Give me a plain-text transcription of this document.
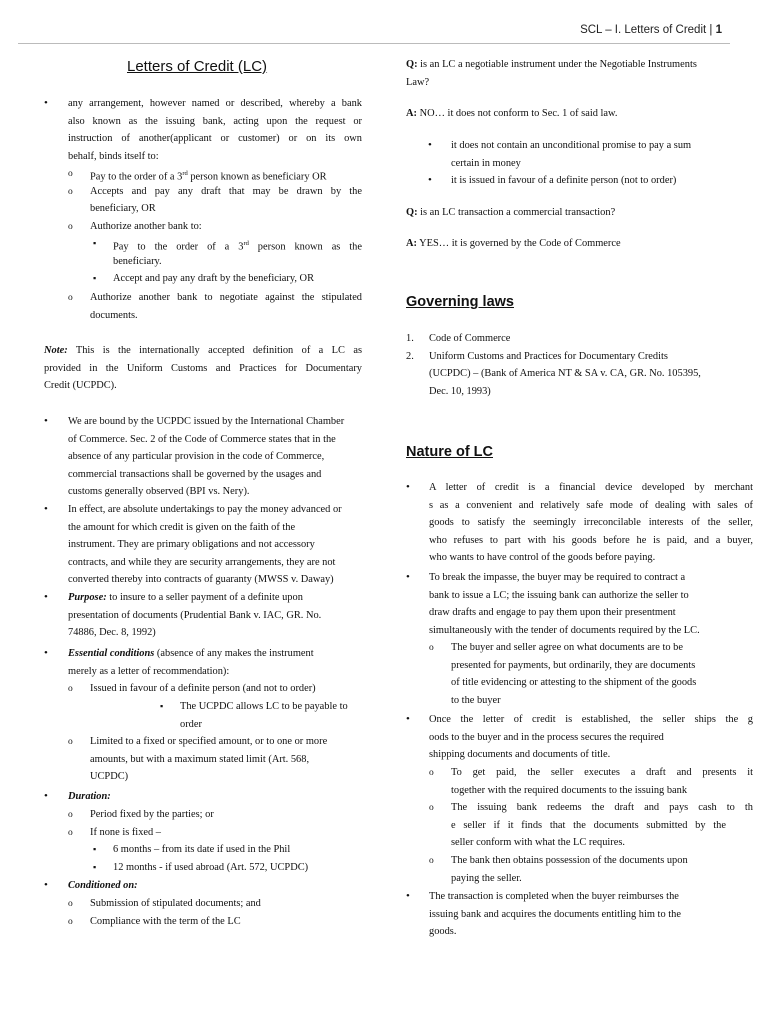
SCL – I. Letters of Credit | 1
Letters of Credit (LC)
•
any arrangement, however named or described, whereby a bank
also known as the issuing bank, acting upon the request or
instruction of another(applicant or customer) or on its own
behalf, binds itself to:
o
Pay to the order of a 3rd person known as beneficiary OR
o
Accepts and pay any draft that may be drawn by the
beneficiary, OR
o
Authorize another bank to:
▪
Pay to the order of a 3rd person known as the
beneficiary.
▪
Accept and pay any draft by the beneficiary, OR
o
Authorize another bank to negotiate against the stipulated
documents.
Note: This is the internationally accepted definition of a LC as
provided in the Uniform Customs and Practices for Documentary
Credit (UCPDC).
•
We are bound by the UCPDC issued by the International Chamber
of Commerce. Sec. 2 of the Code of Commerce states that in the
absence of any particular provision in the code of Commerce,
commercial transactions shall be governed by the usages and
customs generally observed (BPI vs. Nery).
•
In effect, are absolute undertakings to pay the money advanced or
the amount for which credit is given on the faith of the
instrument. They are primary obligations and not accessory
contracts, and while they are security arrangements, they are not
converted thereby into contracts of guaranty (MWSS v. Daway)
•
Purpose: to insure to a seller payment of a definite upon
presentation of documents (Prudential Bank v. IAC, GR. No.
74886, Dec. 8, 1992)
•
Essential conditions (absence of any makes the instrument
merely as a letter of recommendation):
o
Issued in favour of a definite person (and not to order)
▪
The UCPDC allows LC to be payable to
order
o
Limited to a fixed or specified amount, or to one or more
amounts, but with a maximum stated limit (Art. 568,
UCPDC)
•
Duration:
o
Period fixed by the parties; or
o
If none is fixed –
▪
6 months – from its date if used in the Phil
▪
12 months - if used abroad (Art. 572, UCPDC)
•
Conditioned on:
o
Submission of stipulated documents; and
o
Compliance with the term of the LC
Q: is an LC a negotiable instrument under the Negotiable Instruments
Law?
A: NO… it does not conform to Sec. 1 of said law.
•
it does not contain an unconditional promise to pay a sum
certain in money
•
it is issued in favour of a definite person (not to order)
Q: is an LC transaction a commercial transaction?
A: YES… it is governed by the Code of Commerce
Governing laws
1. Code of Commerce
2. Uniform Customs and Practices for Documentary Credits
(UCPDC) – (Bank of America NT & SA v. CA, GR. No. 105395,
Dec. 10, 1993)
Nature of LC
•
A letter of credit is a financial device developed by merchant
s as a convenient and relatively safe mode of dealing with sales of
goods to satisfy the seemingly irreconcilable interests of the seller,
who refuses to part with his goods before he is paid, and a buyer,
who wants to have control of the goods before paying.
•
To break the impasse, the buyer may be required to contract a
bank to issue a LC; the issuing bank can authorize the seller to
draw drafts and engage to pay them upon their presentment
simultaneously with the tender of documents required by the LC.
o
The buyer and seller agree on what documents are to be
presented for payments, but ordinarily, they are documents
of title evidencing or attesting to the shipment of the goods
to the buyer
•
Once the letter of credit is established, the seller ships the g
oods to the buyer and in the process secures the required
shipping documents and documents of title.
o
To get paid, the seller executes a draft and presents it
together with the required documents to the issuing bank
o
The issuing bank redeems the draft and pays cash to th
e seller if it finds that the documents submitted by the
seller conform with what the LC requires.
o
The bank then obtains possession of the documents upon
paying the seller.
•
The transaction is completed when the buyer reimburses the
issuing bank and acquires the documents entitling him to the
goods.
